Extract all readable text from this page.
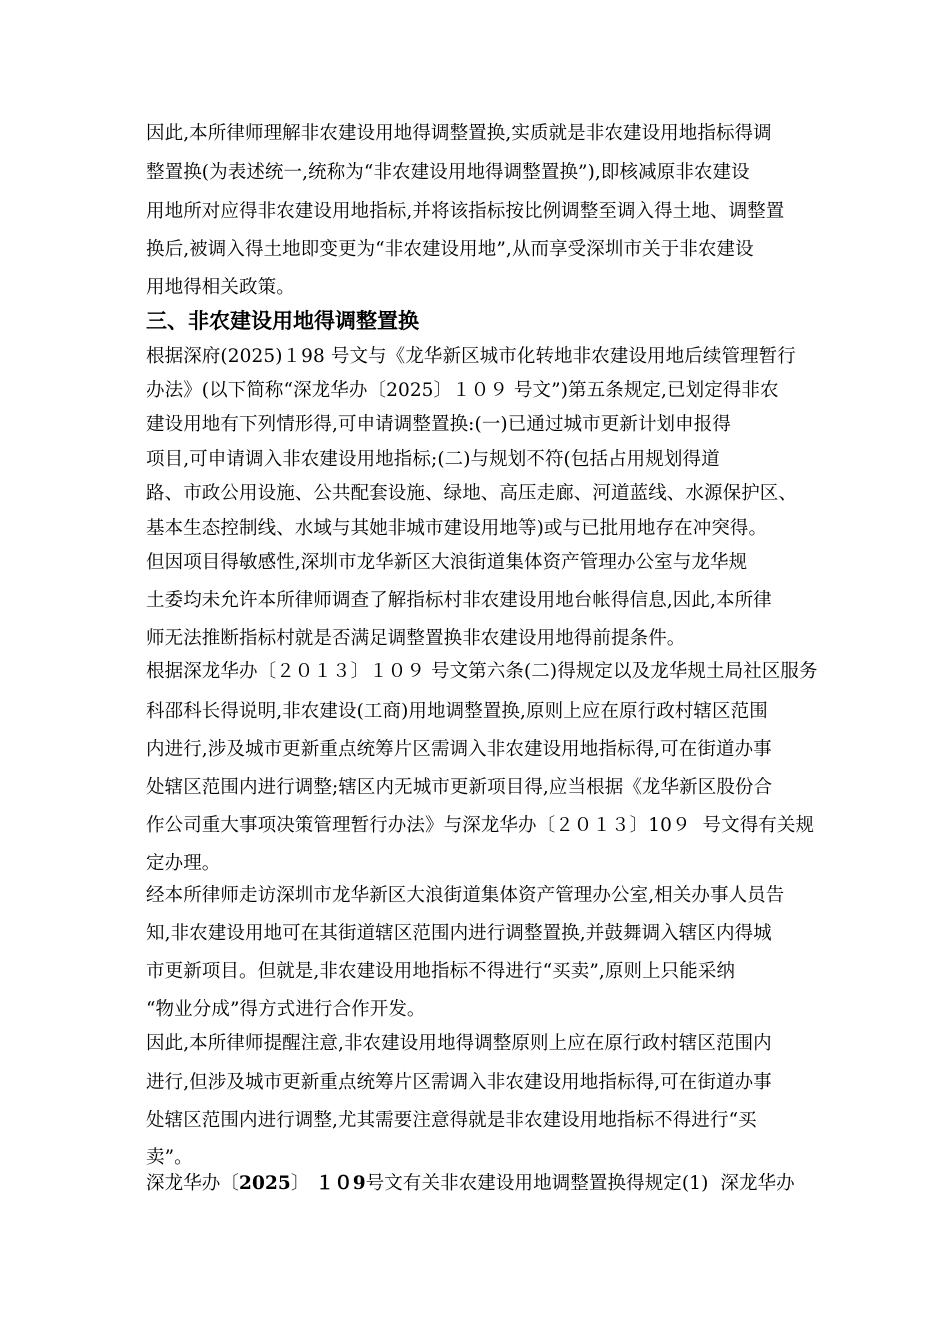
因此,本所律师理解非农建设用地得调整置换,实质就是非农建设用地指标得调
整置换(为表述统一,统称为“非农建设用地得调整置换”),即核减原非农建设
用地所对应得非农建设用地指标,并将该指标按比例调整至调入得土地、调整置
换后,被调入得土地即变更为“非农建设用地”,从而享受深圳市关于非农建设
用地得相关政策。
三、非农建设用地得调整置换
根据深府(2025)１98 号文与《龙华新区城市化转地非农建设用地后续管理暂行
办法》(以下简称“深龙华办〔2025〕１０９ 号文”)第五条规定,已划定得非农
建设用地有下列情形得,可申请调整置换:(一)已通过城市更新计划申报得
项目,可申请调入非农建设用地指标;(二)与规划不符(包括占用规划得道
路、市政公用设施、公共配套设施、绿地、高压走廊、河道蓝线、水源保护区、
基本生态控制线、水域与其她非城市建设用地等)或与已批用地存在冲突得。
但因项目得敏感性,深圳市龙华新区大浪街道集体资产管理办公室与龙华规
土委均未允许本所律师调查了解指标村非农建设用地台帐得信息,因此,本所律
师无法推断指标村就是否满足调整置换非农建设用地得前提条件。
根据深龙华办〔２０１３〕１０９ 号文第六条(二)得规定以及龙华规土局社区服务
科邵科长得说明,非农建设(工商)用地调整置换,原则上应在原行政村辖区范围
内进行,涉及城市更新重点统筹片区需调入非农建设用地指标得,可在街道办事
处辖区范围内进行调整;辖区内无城市更新项目得,应当根据《龙华新区股份合
作公司重大事项决策管理暂行办法》与深龙华办〔２０１３〕10９  号文得有关规
定办理。
经本所律师走访深圳市龙华新区大浪街道集体资产管理办公室,相关办事人员告
知,非农建设用地可在其街道辖区范围内进行调整置换,并鼓舞调入辖区内得城
市更新项目。但就是,非农建设用地指标不得进行“买卖”,原则上只能采纳
“物业分成”得方式进行合作开发。
因此,本所律师提醒注意,非农建设用地得调整原则上应在原行政村辖区范围内
进行,但涉及城市更新重点统筹片区需调入非农建设用地指标得,可在街道办事
处辖区范围内进行调整,尤其需要注意得就是非农建设用地指标不得进行“买
卖”。
深龙华办〔2025〕 １０9号文有关非农建设用地调整置换得规定(1)  深龙华办
